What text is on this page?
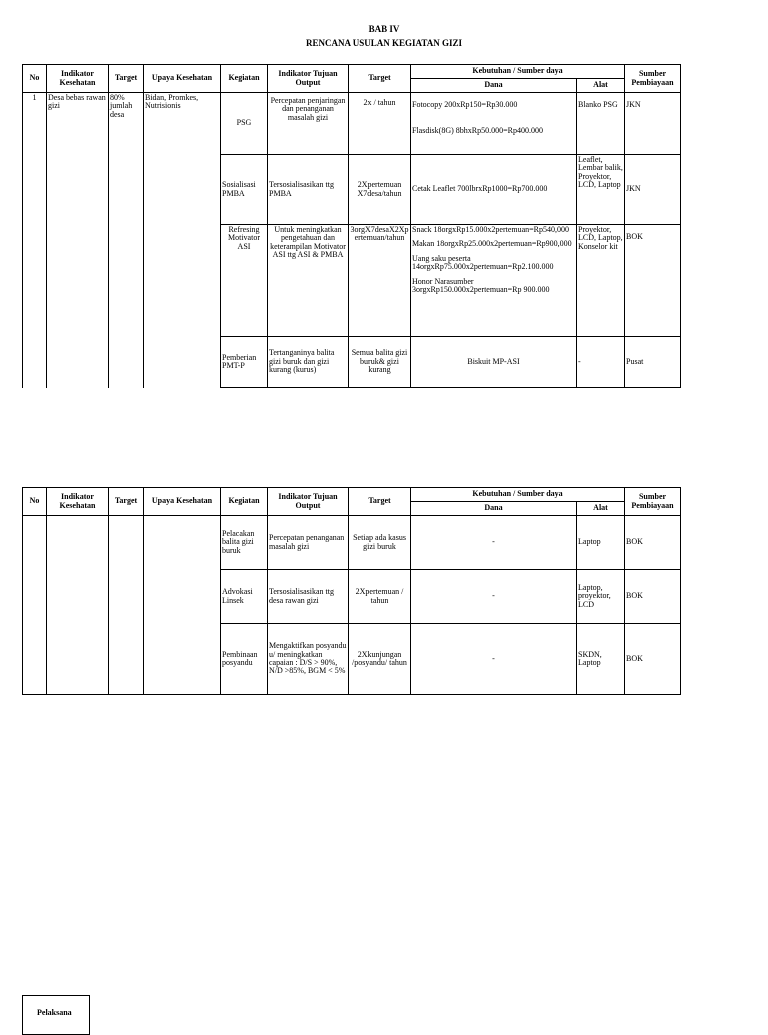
BAB IV
RENCANA USULAN KEGIATAN GIZI
No	Indikator Kesehatan	Target	Upaya Kesehatan	Kegiatan	Indikator Tujuan Output	Target	Kebutuhan / Sumber daya		Sumber Pembiayaan
							Dana	Alat	
1	Desa bebas rawan gizi	80% jumlah desa	Bidan, Promkes, Nutrisionis	PSG	Percepatan penjaringan dan penanganan masalah gizi	2x / tahun	Fotocopy 200xRp150=Rp30.000
Flasdisk(8G) 8bhxRp50.000=Rp400.000	Blanko PSG	JKN
				Sosialisasi PMBA	Tersosialisasikan ttg PMBA	2Xpertemuan X7desa/tahun	Cetak Leaflet 700lbrxRp1000=Rp700.000	Leaflet, Lembar balik, Proyektor, LCD, Laptop	JKN
				Refresing Motivator ASI	Untuk meningkatkan pengetahuan dan keterampilan Motivator ASI ttg ASI & PMBA	3orgX7desaX2Xpertemuan/tahun	Snack 18orgxRp15.000x2pertemuan=Rp540,000
Makan 18orgxRp25.000x2pertemuan=Rp900,000
Uang saku peserta 14orgxRp75.000x2pertemuan=Rp2.100.000
Honor Narasumber 3orgxRp150.000x2pertemuan=Rp 900.000	Proyektor, LCD, Laptop, Konselor kit	BOK
				Pemberian PMT-P	Tertanganinya balita gizi buruk dan gizi kurang (kurus)	Semua balita gizi buruk& gizi kurang	Biskuit MP-ASI	-	Pusat
No	Indikator Kesehatan	Target	Upaya Kesehatan	Kegiatan	Indikator Tujuan Output	Target	Kebutuhan / Sumber daya		Sumber Pembiayaan
							Dana	Alat	
				Pelacakan balita gizi buruk	Percepatan penanganan masalah gizi	Setiap ada kasus gizi buruk	-	Laptop	BOK
				Advokasi Linsek	Tersosialisasikan ttg desa rawan gizi	2Xpertemuan / tahun	-	Laptop, proyektor, LCD	BOK
				Pembinaan posyandu	Mengaktifkan posyandu u/ meningkatkan capaian : D/S > 90%, N/D >85%, BGM < 5%	2Xkunjungan /posyandu/ tahun	-	SKDN, Laptop	BOK
Pelaksana
